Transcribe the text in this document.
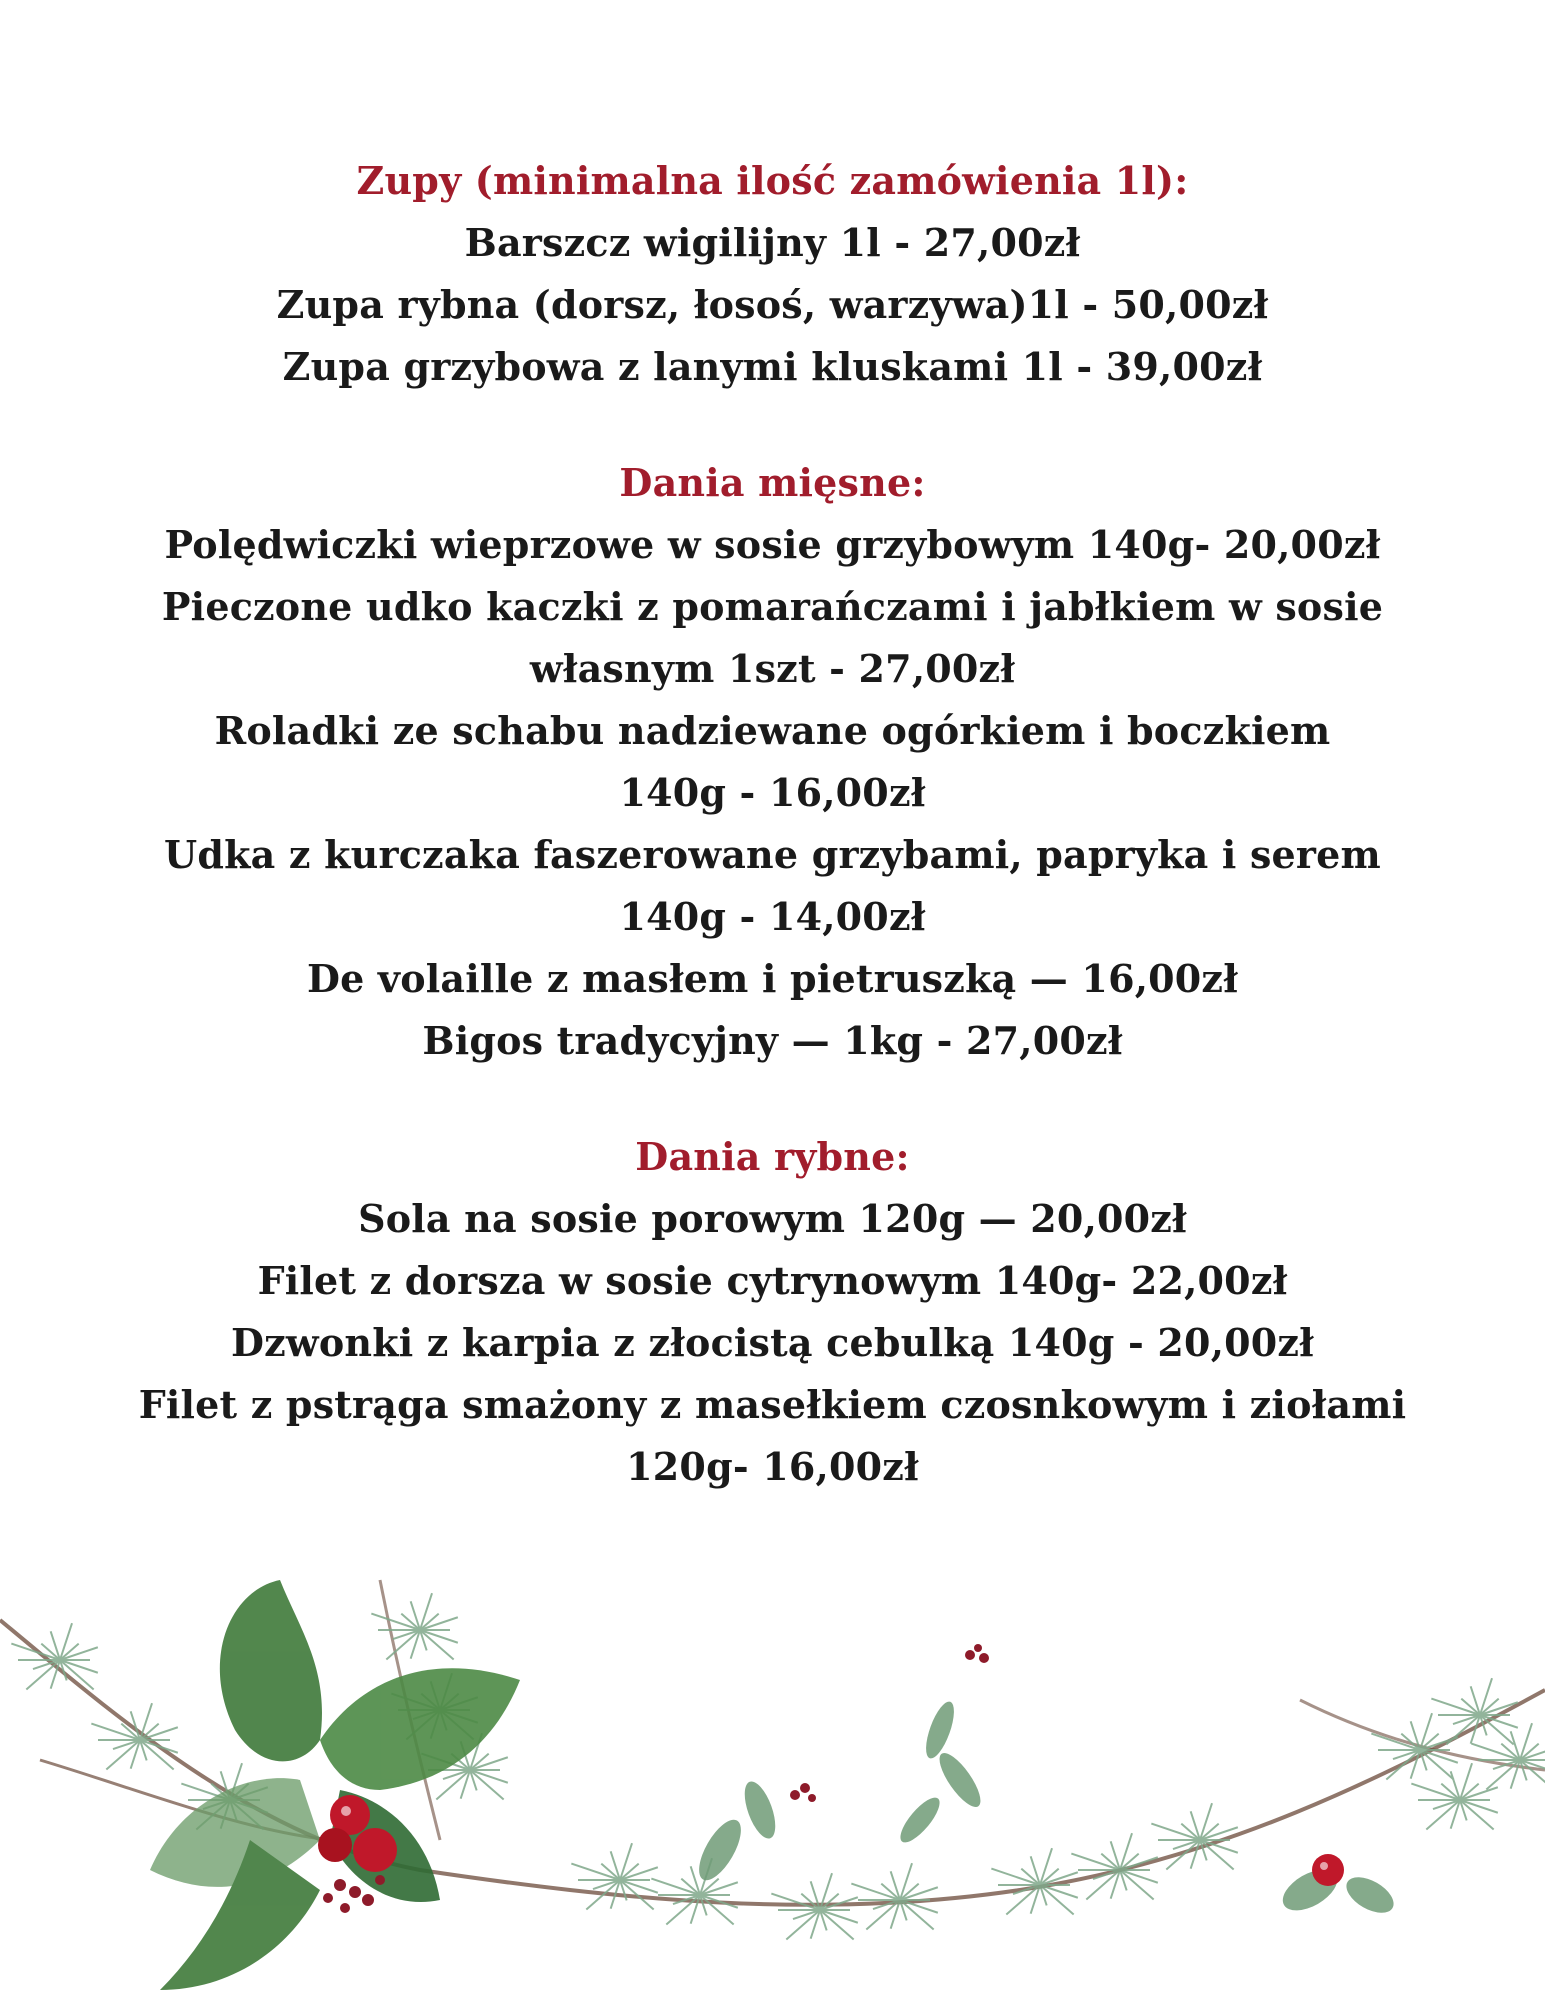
Zupy (minimalna ilość zamówienia 1l):
Barszcz wigilijny 1l - 27,00zł
Zupa rybna (dorsz, łosoś, warzywa)1l - 50,00zł
Zupa grzybowa z lanymi kluskami 1l - 39,00zł
Dania mięsne:
Polędwiczki wieprzowe w sosie grzybowym 140g- 20,00zł
Pieczone udko kaczki z pomarańczami i jabłkiem w sosie
własnym 1szt - 27,00zł
Roladki ze schabu nadziewane ogórkiem i boczkiem
140g - 16,00zł
Udka z kurczaka faszerowane grzybami, papryka i serem
140g - 14,00zł
De volaille z masłem i pietruszką — 16,00zł
Bigos tradycyjny — 1kg - 27,00zł
Dania rybne:
Sola na sosie porowym 120g — 20,00zł
Filet z dorsza w sosie cytrynowym 140g- 22,00zł
Dzwonki z karpia z złocistą cebulką 140g - 20,00zł
Filet z pstrąga smażony z masełkiem czosnkowym i ziołami
120g- 16,00zł
